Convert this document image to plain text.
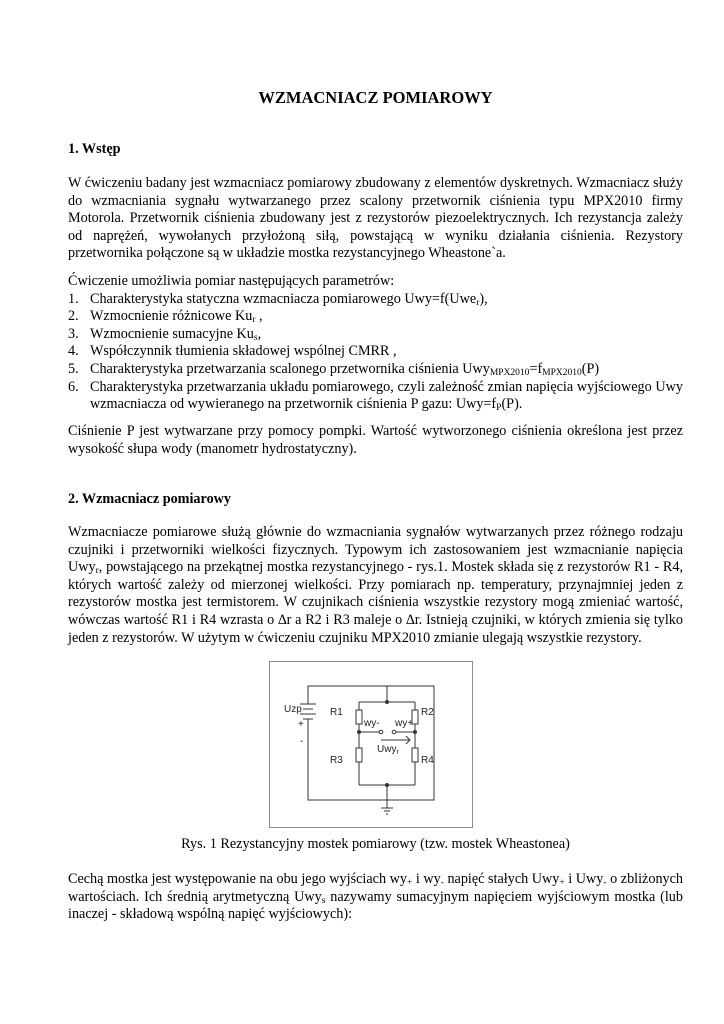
WZMACNIACZ POMIAROWY
1. Wstęp
W ćwiczeniu badany jest wzmacniacz pomiarowy zbudowany z elementów dyskretnych. Wzmacniacz służy do wzmacniania sygnału wytwarzanego przez scalony przetwornik ciśnienia typu MPX2010 firmy Motorola. Przetwornik ciśnienia zbudowany jest z rezystorów piezoelektrycznych. Ich rezystancja zależy od naprężeń, wywołanych przyłożoną siłą, powstającą w wyniku działania ciśnienia. Rezystory przetwornika połączone są w układzie mostka rezystancyjnego Wheastone`a.
Ćwiczenie umożliwia pomiar następujących parametrów:
1. Charakterystyka statyczna wzmacniacza pomiarowego Uwy=f(Uwe$_r$),
2. Wzmocnienie różnicowe $Ku_r$ ,
3. Wzmocnienie sumacyjne $Ku_s$,
4. Współczynnik tłumienia składowej wspólnej CMRR ,
5. Charakterystyka przetwarzania scalonego przetwornika ciśnienia $Uwy_{MPX2010}=f_{MPX2010}(P)$
6. Charakterystyka przetwarzania układu pomiarowego, czyli zależność zmian napięcia wyjściowego Uwy wzmacniacza od wywieranego na przetwornik ciśnienia P gazu: $Uwy=f_P(P)$.
Ciśnienie P jest wytwarzane przy pomocy pompki. Wartość wytworzonego ciśnienia określona jest przez wysokość słupa wody (manometr hydrostatyczny).
2. Wzmacniacz pomiarowy
Wzmacniacze pomiarowe służą głównie do wzmacniania sygnałów wytwarzanych przez różnego rodzaju czujniki i przetworniki wielkości fizycznych. Typowym ich zastosowaniem jest wzmacnianie napięcia Uwy$_r$, powstającego na przekątnej mostka rezystancyjnego - rys.1. Mostek składa się z rezystorów R1 - R4, których wartość zależy od mierzonej wielkości. Przy pomiarach np. temperatury, przynajmniej jeden z rezystorów mostka jest termistorem. W czujnikach ciśnienia wszystkie rezystory mogą zmieniać wartość, wówczas wartość R1 i R4 wzrasta o ∆r a R2 i R3 maleje o ∆r. Istnieją czujniki, w których zmienia się tylko jeden z rezystorów. W użytym w ćwiczeniu czujniku MPX2010 zmianie ulegają wszystkie rezystory.
Uzp
+
-
R1	R2
R3	R4
wy- wy+
Uwy$_r$
Rys. 1 Rezystancyjny mostek pomiarowy (tzw. mostek Wheastonea)
Cechą mostka jest występowanie na obu jego wyjściach $wy_+$ i $wy_-$ napięć stałych Uwy$_+$ i Uwy$_-$ o zbliżonych wartościach. Ich średnią arytmetyczną Uwy$_s$ nazywamy sumacyjnym napięciem wyjściowym mostka (lub inaczej - składową wspólną napięć wyjściowych):
